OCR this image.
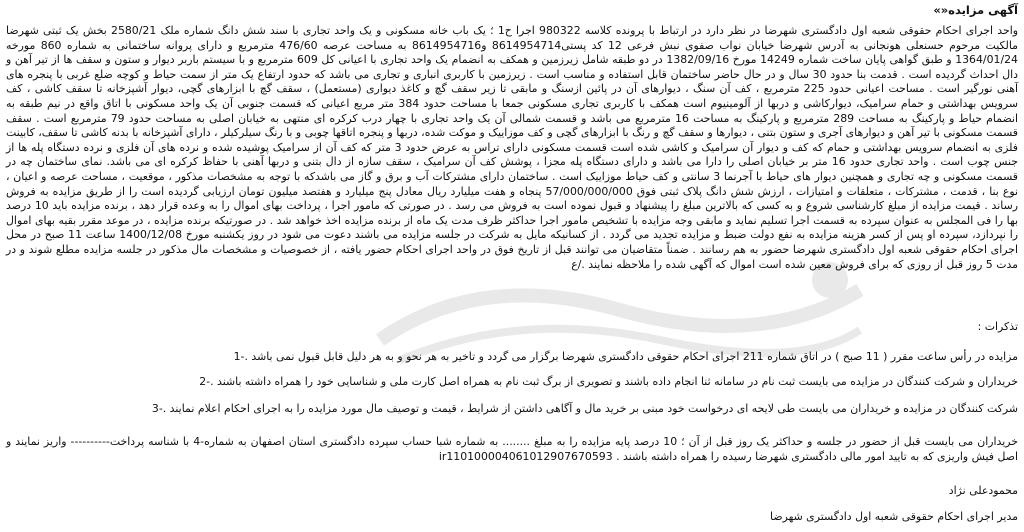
آگهی مزایده«»
واحد اجرای احکام حقوقی شعبه اول دادگستری شهرضا در نظر دارد در ارتباط با پرونده کلاسه 980322 اجرا ح1 ؛ یک باب خانه مسکونی و یک واحد تجاری با سند شش دانگ شماره ملک 2580/21 بخش یک ثبتی شهرضا مالکیت مرحوم حسنعلی هونجانی به آدرس شهرضا خیابان نواب صفوی نبش فرعی 12 کد پستی8614954714 و8614954716 به مساحت عرصه 476/60 مترمربع و دارای پروانه ساختمانی به شماره 860 مورخه 1364/01/24 و طبق گواهی پایان ساخت شماره 14249 مورخ 1382/09/16 در دو طبقه شامل زیرزمین و همکف به انضمام یک واحد تجاری با اعیانی کل 609 مترمربع و با سیستم باربر دیوار و ستون و سقف ها از تیر آهن و دال احداث گردیده است . قدمت بنا حدود 30 سال و در حال حاضر ساختمان قابل استفاده و مناسب است . زیرزمین با کاربری انباری و تجاری می باشد که حدود ارتفاع یک متر از سمت حیاط و کوچه ضلع غربی با پنجره های آهنی نورگیر است . مساحت اعیانی حدود 225 مترمربع ، کف آن سنگ ، دیوارهای آن در پائین ازسنگ و مابقی تا زیر سقف گچ و کاغذ دیواری (مستعمل) ، سقف گچ با ابزارهای گچی، دیوار آشپزخانه تا سقف کاشی ، کف سرویس بهداشتی و حمام سرامیک، دیوارکاشی و دربها از آلومینیوم است همکف با کاربری تجاری مسکونی جمعا با مساحت حدود 384 متر مربع اعیانی که قسمت جنوبی آن یک واحد مسکونی با اتاق واقع در نیم طبقه به انضمام حیاط و پارکینگ به مساحت 289 مترمربع و پارکینگ به مساحت 16 مترمربع می باشد و قسمت شمالی آن یک واحد تجاری با چهار درب کرکره ای منتهی به خیابان اصلی به مساحت حدود 79 مترمربع است . سقف قسمت مسکونی با تیر آهن و دیوارهای آجری و ستون بتنی ، دیوارها و سقف گچ و رنگ با ابزارهای گچی و کف موزاییک و موکت شده، دربها و پنجره اتاقها چوبی و با رنگ سیلرکیلر ، دارای آشپزخانه با بدنه کاشی تا سقف، کابینت فلزی به انضمام سرویس بهداشتی و حمام که کف و دیوار آن سرامیک و کاشی شده است قسمت مسکونی دارای تراس به عرض حدود 3 متر که کف آن از سرامیک پوشیده شده و نرده های آن فلزی و نرده دستگاه پله ها از جنس چوب است . واحد تجاری حدود 16 متر بر خیابان اصلی را دارا می باشد و دارای دستگاه پله مجزا ، پوشش کف آن سرامیک ، سقف سازه از دال بتنی و دربها آهنی با حفاظ کرکره ای می باشد. نمای ساختمان چه در قسمت مسکونی و چه تجاری و همچنین دیوار های حیاط با آجرنما 3 سانتی و کف حیاط موزاییک است . ساختمان دارای مشترکات آب و برق و گاز می باشدکه با توجه به مشخصات مذکور ، موقعیت ، مساحت عرصه و اعیان ، نوع بنا ، قدمت ، مشترکات ، متعلقات و امتیازات ، ارزش شش دانگ پلاک ثبتی فوق 57/000/000/000 پنجاه و هفت میلیارد ریال معادل پنج میلیارد و هفتصد میلیون تومان ارزیابی گردیده است را از طریق مزایده به فروش رساند . قیمت مزایده از مبلغ کارشناسی شروع و به کسی که بالاترین مبلغ را پیشنهاد و قبول نموده است به فروش می رسد . در صورتی که مامور اجرا ، پرداخت بهای اموال را به وعده قرار دهد ، برنده مزایده باید 10 درصد بها را فی المجلس به عنوان سپرده به قسمت اجرا تسلیم نماید و مابقی وجه مزایده با تشخیص مامور اجرا حداکثر ظرف مدت یک ماه از برنده مزایده اخذ خواهد شد . در صورتیکه برنده مزایده ، در موعد مقرر بقیه بهای اموال را نپردازد، سپرده او پس از کسر هزینه مزایده به نفع دولت ضبط و مزایده تجدید می گردد . از کسانیکه مایل به شرکت در جلسه مزایده می باشند دعوت می شود در روز یکشنبه مورخ 1400/12/08 ساعت 11 صبح در محل اجرای احکام حقوقی شعبه اول دادگستری شهرضا حضور به هم رسانند . ضمناً متقاضیان می توانند قبل از تاریخ فوق در واحد اجرای احکام حضور یافته ، از خصوصیات و مشخصات مال مذکور در جلسه مزایده مطلع شوند و در مدت 5 روز قبل از روزی که برای فروش معین شده است اموال که آگهی شده را ملاحظه نمایند ./ع
تذکرات :
مزایده در رأس ساعت مقرر ( 11 صبح ) در اتاق شماره 211 اجرای احکام حقوقی دادگستری شهرضا برگزار می گردد و تاخیر به هر نحو و به هر دلیل قابل قبول نمی باشد .-1
خریداران و شرکت کنندگان در مزایده می بایست ثبت نام در سامانه ثنا انجام داده باشند و تصویری از برگ ثبت نام به همراه اصل کارت ملی و شناسایی خود را همراه داشته باشند .-2
شرکت کنندگان در مزایده و خریداران می بایست طی لایحه ای درخواست خود مبنی بر خرید مال و آگاهی داشتن از شرایط ، قیمت و توصیف مال مورد مزایده را به اجرای احکام اعلام نمایند .-3
خریداران می بایست قبل از حضور در جلسه و حداکثر یک روز قبل از آن ؛ 10 درصد پایه مزایده را به مبلغ ........ به شماره شبا حساب سپرده دادگستری استان اصفهان به شماره-4 با شناسه پرداخت---------- واریز نمایند و اصل فیش واریزی که به تایید امور مالی دادگستری شهرضا رسیده را همراه داشته باشند . ir110100004061012907670593
محمودعلی نژاد
مدیر اجرای احکام حقوقی شعبه اول دادگستری شهرضا
